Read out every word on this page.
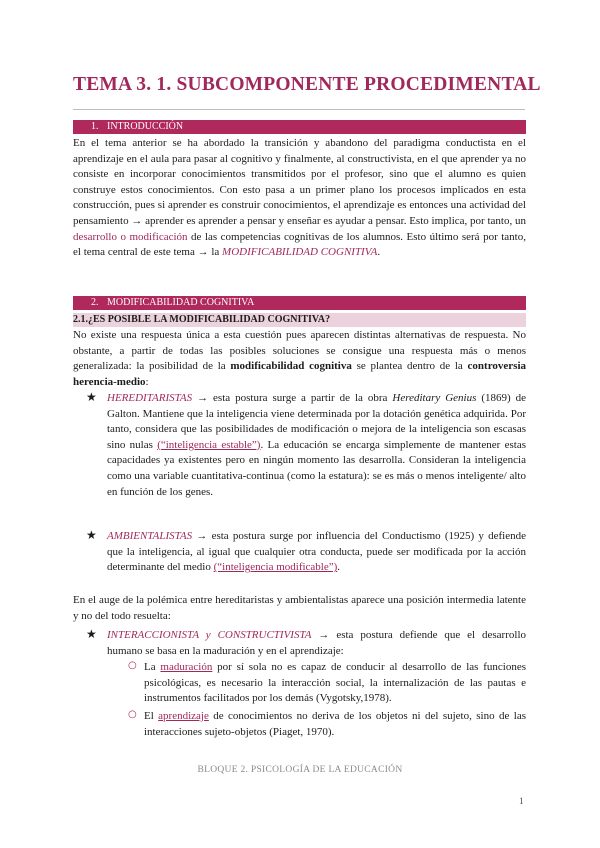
TEMA 3. 1. SUBCOMPONENTE PROCEDIMENTAL
1. INTRODUCCIÓN

En el tema anterior se ha abordado la transición y abandono del paradigma conductista en el aprendizaje en el aula para pasar al cognitivo y finalmente, al constructivista, en el que aprender ya no consiste en incorporar conocimientos transmitidos por el profesor, sino que el alumno es quien construye estos conocimientos. Con esto pasa a un primer plano los procesos implicados en esta construcción, pues si aprender es construir conocimientos, el aprendizaje es entonces una actividad del pensamiento → aprender es aprender a pensar y enseñar es ayudar a pensar. Esto implica, por tanto, un desarrollo o modificación de las competencias cognitivas de los alumnos. Esto último será por tanto, el tema central de este tema → la MODIFICABILIDAD COGNITIVA.

2. MODIFICABILIDAD COGNITIVA
2.1.¿ES POSIBLE LA MODIFICABILIDAD COGNITIVA?

No existe una respuesta única a esta cuestión pues aparecen distintas alternativas de respuesta. No obstante, a partir de todas las posibles soluciones se consigue una respuesta más o menos generalizada: la posibilidad de la modificabilidad cognitiva se plantea dentro de la controversia herencia-medio:

★ HEREDITARISTAS → esta postura surge a partir de la obra Hereditary Genius (1869) de Galton. Mantiene que la inteligencia viene determinada por la dotación genética adquirida. Por tanto, considera que las posibilidades de modificación o mejora de la inteligencia son escasas sino nulas (“inteligencia estable”). La educación se encarga simplemente de mantener estas capacidades ya existentes pero en ningún momento las desarrolla. Consideran la inteligencia como una variable cuantitativa-continua (como la estatura): se es más o menos inteligente/ alto en función de los genes.

★ AMBIENTALISTAS → esta postura surge por influencia del Conductismo (1925) y defiende que la inteligencia, al igual que cualquier otra conducta, puede ser modificada por la acción determinante del medio (“inteligencia modificable”).

En el auge de la polémica entre hereditaristas y ambientalistas aparece una posición intermedia latente y no del todo resuelta:

★ INTERACCIONISTA y CONSTRUCTIVISTA → esta postura defiende que el desarrollo humano se basa en la maduración y en el aprendizaje:

○ La maduración por sí sola no es capaz de conducir al desarrollo de las funciones psicológicas, es necesario la interacción social, la internalización de las pautas e instrumentos facilitados por los demás (Vygotsky,1978).

○ El aprendizaje de conocimientos no deriva de los objetos ni del sujeto, sino de las interacciones sujeto-objetos (Piaget, 1970).

BLOQUE 2. PSICOLOGÍA DE LA EDUCACIÓN
1
